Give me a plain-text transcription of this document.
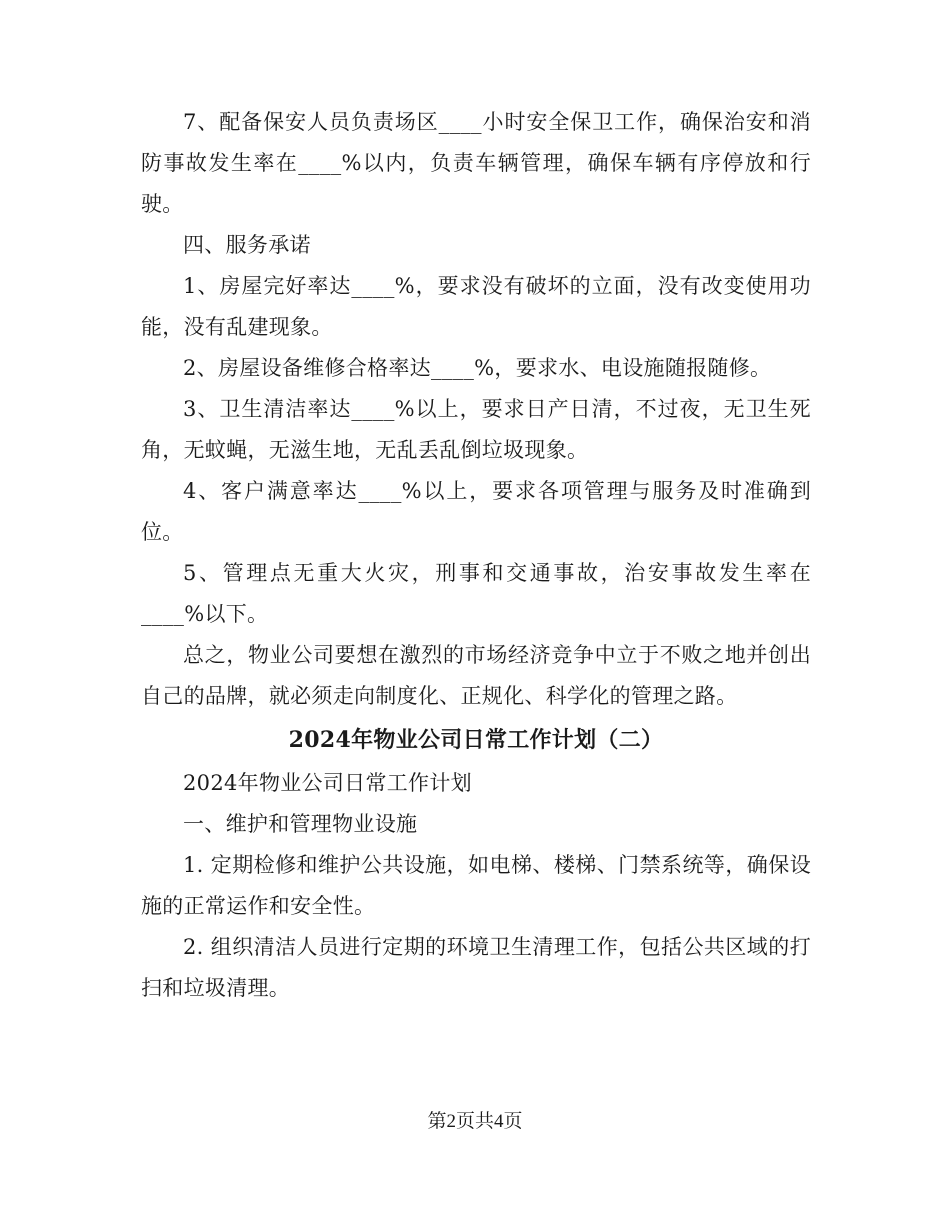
7、配备保安人员负责场区____小时安全保卫工作，确保治安和消防事故发生率在____%以内，负责车辆管理，确保车辆有序停放和行驶。

四、服务承诺

1、房屋完好率达____%，要求没有破坏的立面，没有改变使用功能，没有乱建现象。

2、房屋设备维修合格率达____%，要求水、电设施随报随修。

3、卫生清洁率达____%以上，要求日产日清，不过夜，无卫生死角，无蚊蝇，无滋生地，无乱丢乱倒垃圾现象。

4、客户满意率达____%以上，要求各项管理与服务及时准确到位。

5、管理点无重大火灾，刑事和交通事故，治安事故发生率在____%以下。

总之，物业公司要想在激烈的市场经济竞争中立于不败之地并创出自己的品牌，就必须走向制度化、正规化、科学化的管理之路。

2024年物业公司日常工作计划（二）

2024年物业公司日常工作计划

一、维护和管理物业设施

1. 定期检修和维护公共设施，如电梯、楼梯、门禁系统等，确保设施的正常运作和安全性。

2. 组织清洁人员进行定期的环境卫生清理工作，包括公共区域的打扫和垃圾清理。

第2页共4页
